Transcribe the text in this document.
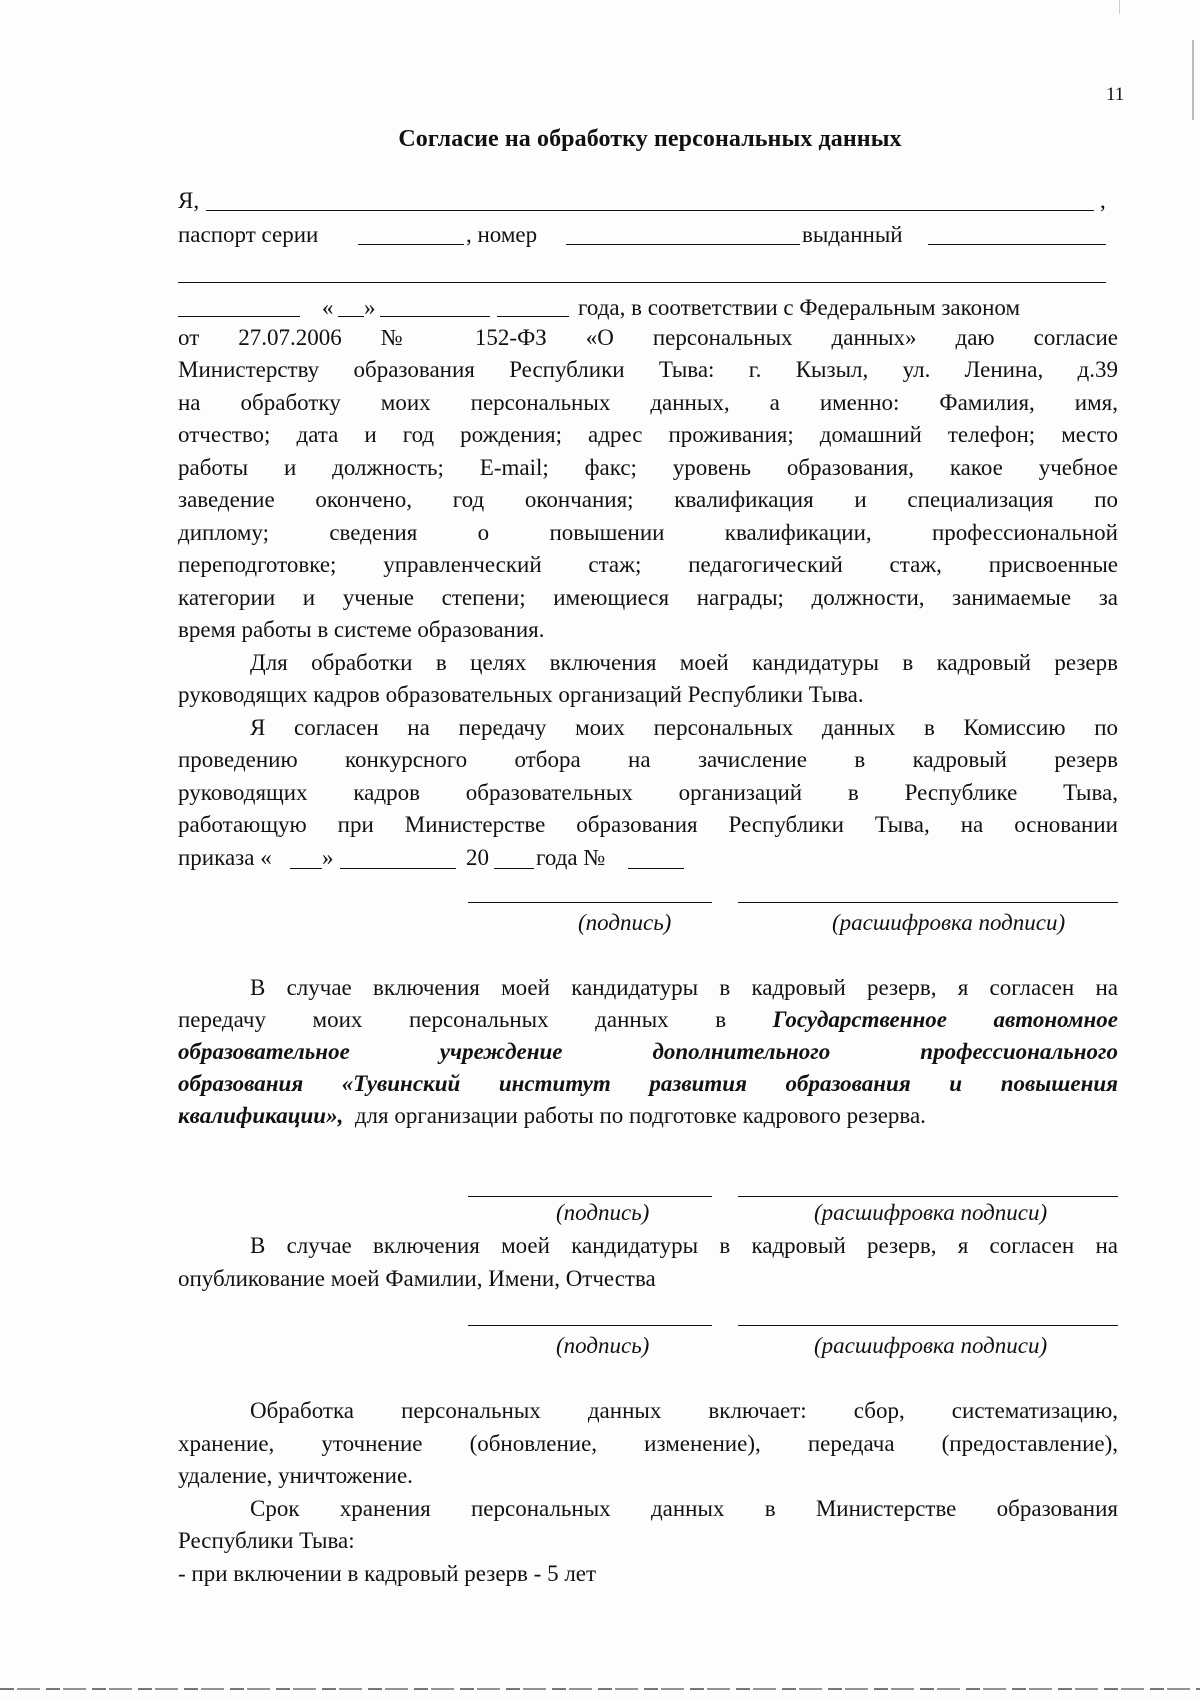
11
Согласие на обработку персональных данных
Я,	,
паспорт серии	, номер	выданный
« »	года, в соответствии с Федеральным законом
от 27.07.2006 № 152-ФЗ «О персональных данных» даю согласие
Министерству образования Республики Тыва: г. Кызыл, ул. Ленина, д.39
на обработку моих персональных данных, а именно: Фамилия, имя,
отчество; дата и год рождения; адрес проживания; домашний телефон; место
работы и должность; E-mail; факс; уровень образования, какое учебное
заведение окончено, год окончания; квалификация и специализация по
диплому; сведения о повышении квалификации, профессиональной
переподготовке; управленческий стаж; педагогический стаж, присвоенные
категории и ученые степени; имеющиеся награды; должности, занимаемые за
время работы в системе образования.
Для обработки в целях включения моей кандидатуры в кадровый резерв
руководящих кадров образовательных организаций Республики Тыва.
Я согласен на передачу моих персональных данных в Комиссию по
проведению конкурсного отбора на зачисление в кадровый резерв
руководящих кадров образовательных организаций в Республике Тыва,
работающую при Министерстве образования Республики Тыва, на основании
приказа « »	20 года №
(подпись)	(расшифровка подписи)
В случае включения моей кандидатуры в кадровый резерв, я согласен на
передачу моих персональных данных в Государственное автономное
образовательное учреждение дополнительного профессионального
образования «Тувинский институт развития образования и повышения
квалификации», для организации работы по подготовке кадрового резерва.
(подпись)	(расшифровка подписи)
В случае включения моей кандидатуры в кадровый резерв, я согласен на
опубликование моей Фамилии, Имени, Отчества
(подпись)	(расшифровка подписи)
Обработка персональных данных включает: сбор, систематизацию,
хранение, уточнение (обновление, изменение), передача (предоставление),
удаление, уничтожение.
Срок хранения персональных данных в Министерстве образования
Республики Тыва:
- при включении в кадровый резерв - 5 лет
